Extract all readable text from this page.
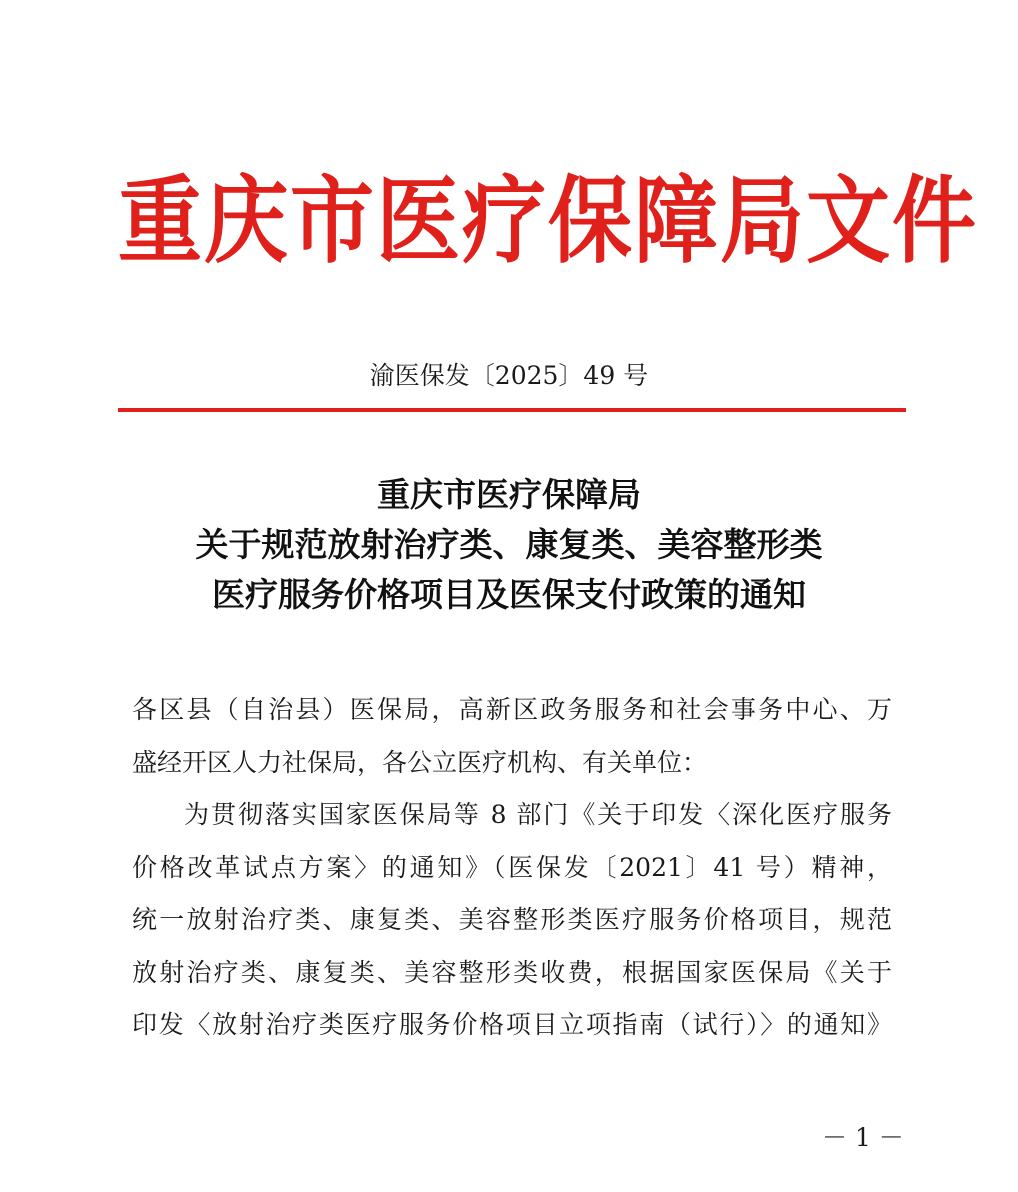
重庆市医疗保障局文件
渝医保发〔2025〕49 号
重庆市医疗保障局
关于规范放射治疗类、康复类、美容整形类
医疗服务价格项目及医保支付政策的通知
各区县（自治县）医保局，高新区政务服务和社会事务中心、万
盛经开区人力社保局，各公立医疗机构、有关单位：
为贯彻落实国家医保局等 8 部门《关于印发〈深化医疗服务
价格改革试点方案〉的通知》（医保发〔2021〕41 号）精神，
统一放射治疗类、康复类、美容整形类医疗服务价格项目，规范
放射治疗类、康复类、美容整形类收费，根据国家医保局《关于
印发〈放射治疗类医疗服务价格项目立项指南（试行）〉的通知》
－ 1 －
